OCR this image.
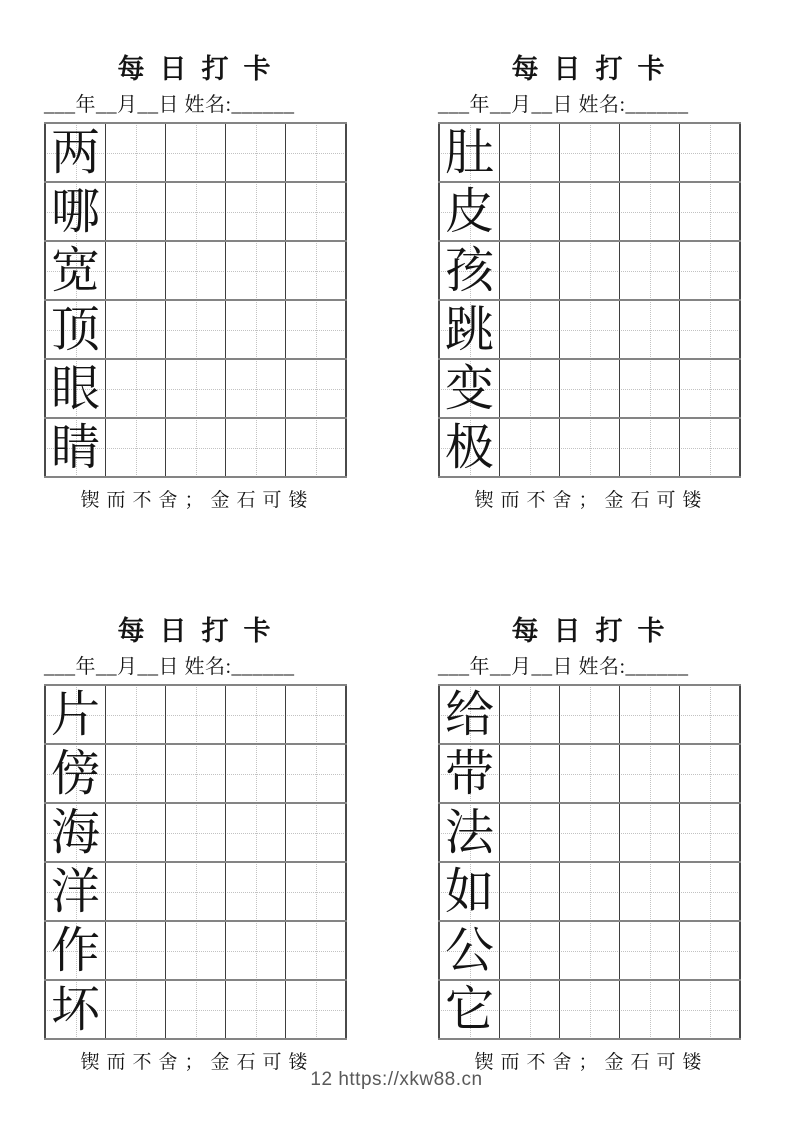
每日打卡
___年__月__日 姓名:______
两				

哪				

宽				

顶				

眼				

睛				

锲而不舍；金石可镂
每日打卡
___年__月__日 姓名:______
肚				

皮				

孩				

跳				

变				

极				

锲而不舍；金石可镂
每日打卡
___年__月__日 姓名:______
片				

傍				

海				

洋				

作				

坏				

锲而不舍；金石可镂
每日打卡
___年__月__日 姓名:______
给				

带				

法				

如				

公				

它				

锲而不舍；金石可镂
12 https://xkw88.cn
